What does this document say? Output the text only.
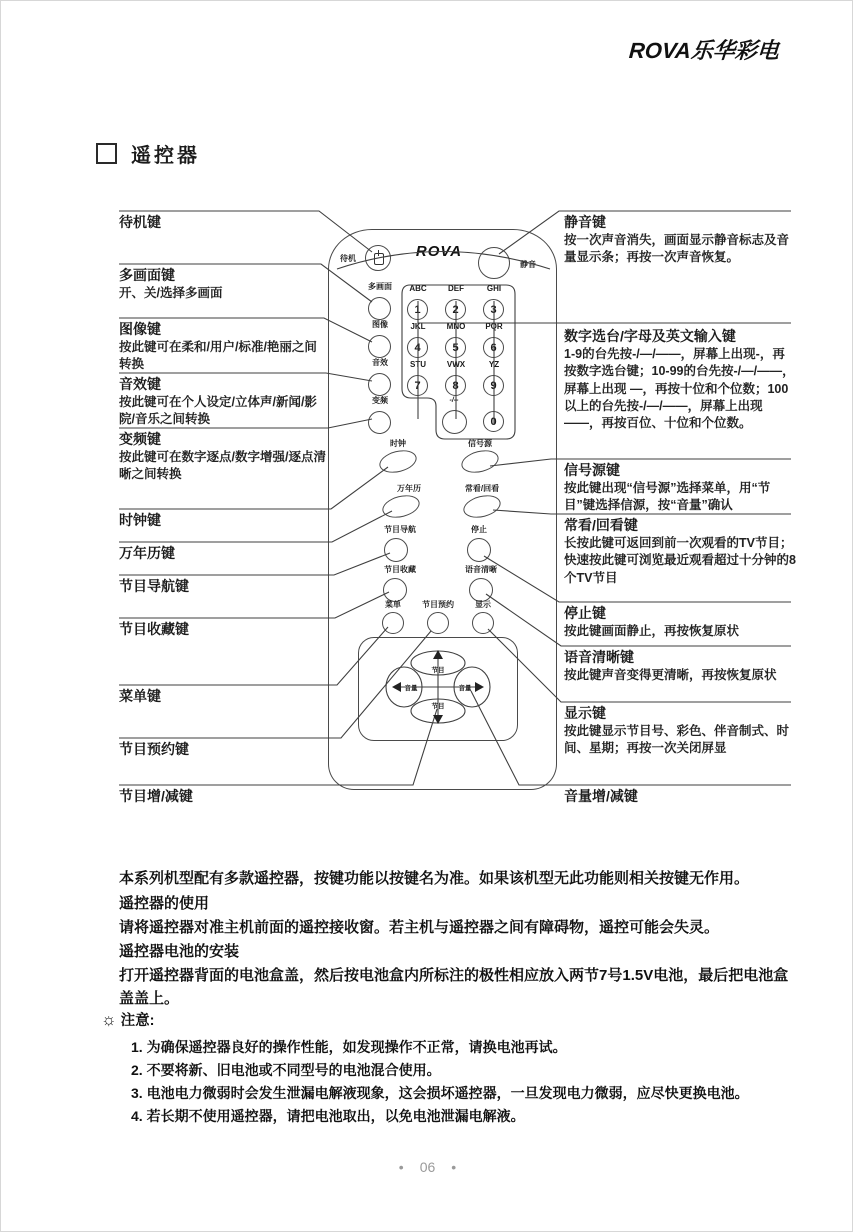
ROVA乐华彩电
遥控器
待机	ROVA
静音
多画面
图像
音效
变频
ABC	DEF	GHI
1	2	3
JKL	MNO	PQR
4	5	6
STU	VWX	YZ
7	8	9
-/--
0
时钟	信号源
万年历	常看/回看
节目导航	停止
节目收藏	语音清晰
菜单	节目预约	显示
节目
节目
音量	音量
待机键
多画面键
开、关/选择多画面
图像键
按此键可在柔和/用户/标准/艳丽之间转换
音效键
按此键可在个人设定/立体声/新闻/影院/音乐之间转换
变频键
按此键可在数字逐点/数字增强/逐点清晰之间转换
时钟键
万年历键
节目导航键
节目收藏键
菜单键
节目预约键
节目增/减键
静音键
按一次声音消失，画面显示静音标志及音量显示条；再按一次声音恢复。
数字选台/字母及英文输入键
1-9的台先按-/—/——，屏幕上出现-，再按数字选台键；10-99的台先按-/—/——，屏幕上出现 —，再按十位和个位数；100以上的台先按-/—/——，屏幕上出现——，再按百位、十位和个位数。
信号源键
按此键出现“信号源”选择菜单，用“节目”键选择信源，按“音量”确认
常看/回看键
长按此键可返回到前一次观看的TV节目；快速按此键可浏览最近观看超过十分钟的8个TV节目
停止键
按此键画面静止，再按恢复原状
语音清晰键
按此键声音变得更清晰，再按恢复原状
显示键
按此键显示节目号、彩色、伴音制式、时间、星期；再按一次关闭屏显
音量增/减键
本系列机型配有多款遥控器，按键功能以按键名为准。如果该机型无此功能则相关按键无作用。
遥控器的使用
请将遥控器对准主机前面的遥控接收窗。若主机与遥控器之间有障碍物，遥控可能会失灵。
遥控器电池的安装
打开遥控器背面的电池盒盖，然后按电池盒内所标注的极性相应放入两节7号1.5V电池，最后把电池盒盖盖上。
☼ 注意:
1. 为确保遥控器良好的操作性能，如发现操作不正常，请换电池再试。
2. 不要将新、旧电池或不同型号的电池混合使用。
3. 电池电力微弱时会发生泄漏电解液现象，这会损坏遥控器，一旦发现电力微弱，应尽快更换电池。
4. 若长期不使用遥控器，请把电池取出，以免电池泄漏电解液。
• 06 •
